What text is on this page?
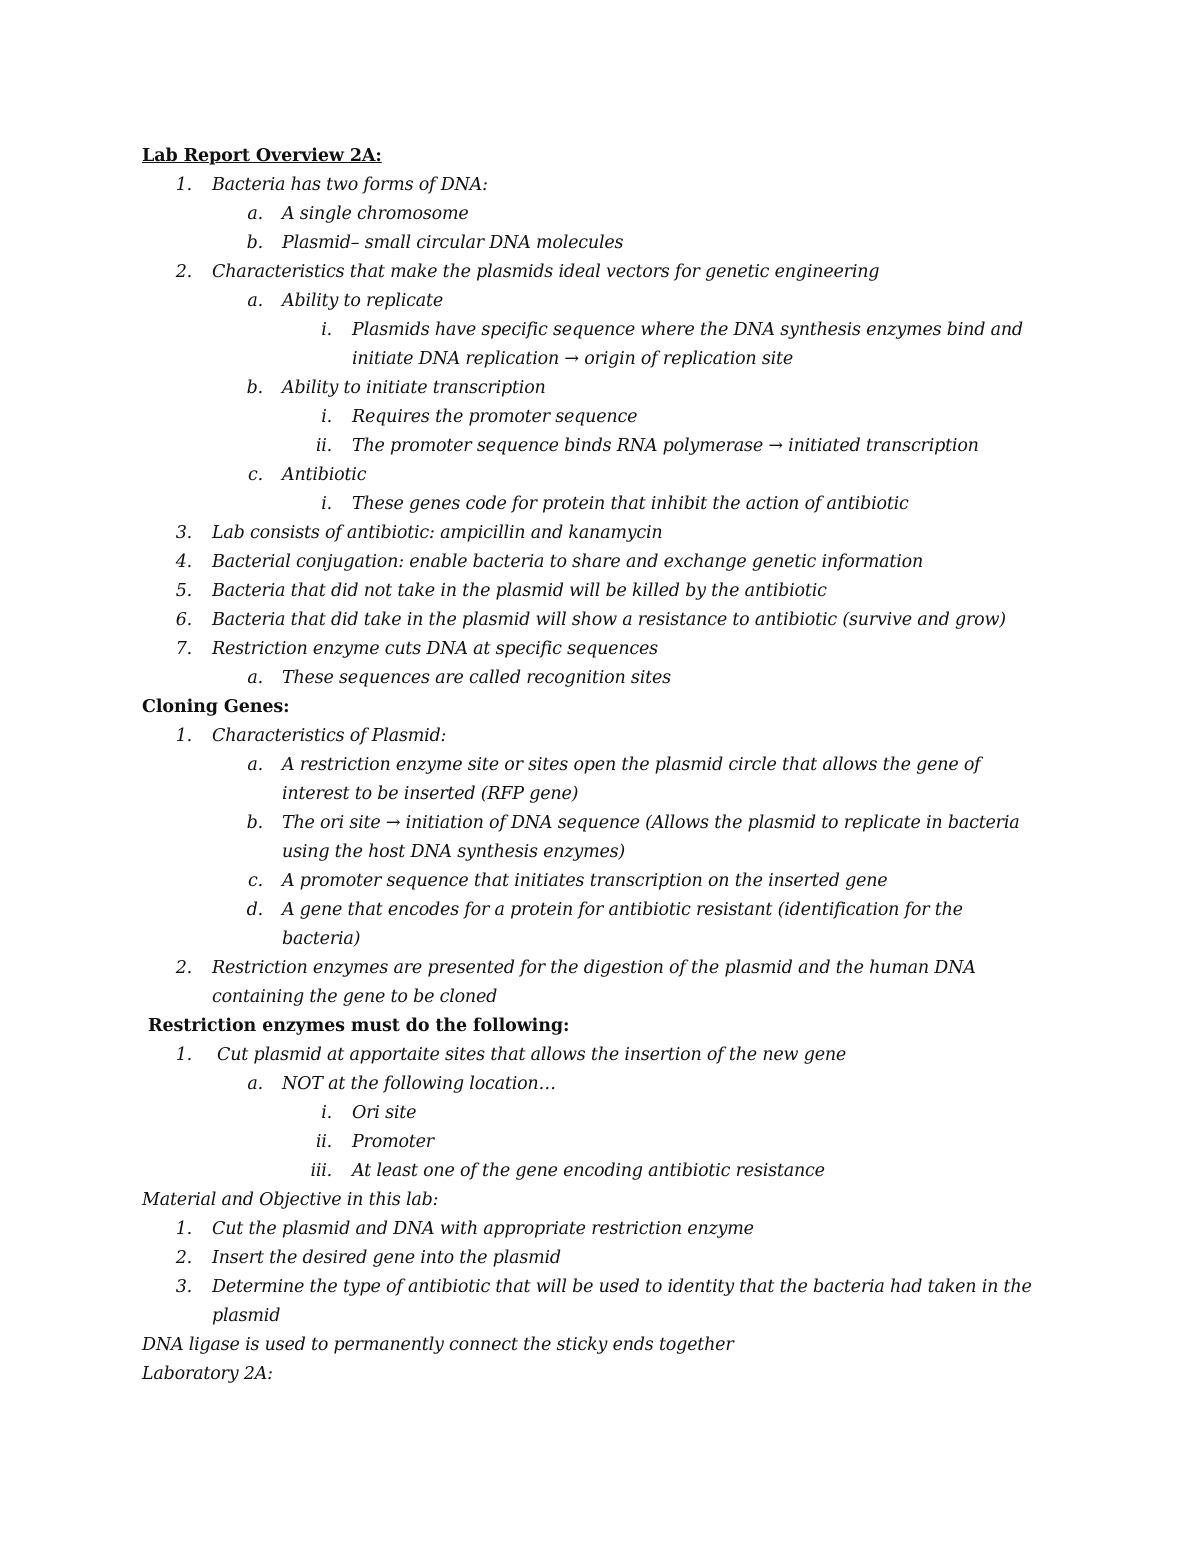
Lab Report Overview 2A:
1. Bacteria has two forms of DNA:
a. A single chromosome
b. Plasmid– small circular DNA molecules
2. Characteristics that make the plasmids ideal vectors for genetic engineering
a. Ability to replicate
i. Plasmids have specific sequence where the DNA synthesis enzymes bind and
initiate DNA replication → origin of replication site
b. Ability to initiate transcription
i. Requires the promoter sequence
ii. The promoter sequence binds RNA polymerase → initiated transcription
c. Antibiotic
i. These genes code for protein that inhibit the action of antibiotic
3. Lab consists of antibiotic: ampicillin and kanamycin
4. Bacterial conjugation: enable bacteria to share and exchange genetic information
5. Bacteria that did not take in the plasmid will be killed by the antibiotic
6. Bacteria that did take in the plasmid will show a resistance to antibiotic (survive and grow)
7. Restriction enzyme cuts DNA at specific sequences
a. These sequences are called recognition sites
Cloning Genes:
1. Characteristics of Plasmid:
a. A restriction enzyme site or sites open the plasmid circle that allows the gene of
interest to be inserted (RFP gene)
b. The ori site → initiation of DNA sequence (Allows the plasmid to replicate in bacteria
using the host DNA synthesis enzymes)
c. A promoter sequence that initiates transcription on the inserted gene
d. A gene that encodes for a protein for antibiotic resistant (identification for the
bacteria)
2. Restriction enzymes are presented for the digestion of the plasmid and the human DNA
containing the gene to be cloned
Restriction enzymes must do the following:
1. Cut plasmid at apportaite sites that allows the insertion of the new gene
a. NOT at the following location…
i. Ori site
ii. Promoter
iii. At least one of the gene encoding antibiotic resistance
Material and Objective in this lab:
1. Cut the plasmid and DNA with appropriate restriction enzyme
2. Insert the desired gene into the plasmid
3. Determine the type of antibiotic that will be used to identity that the bacteria had taken in the
plasmid
DNA ligase is used to permanently connect the sticky ends together
Laboratory 2A:
